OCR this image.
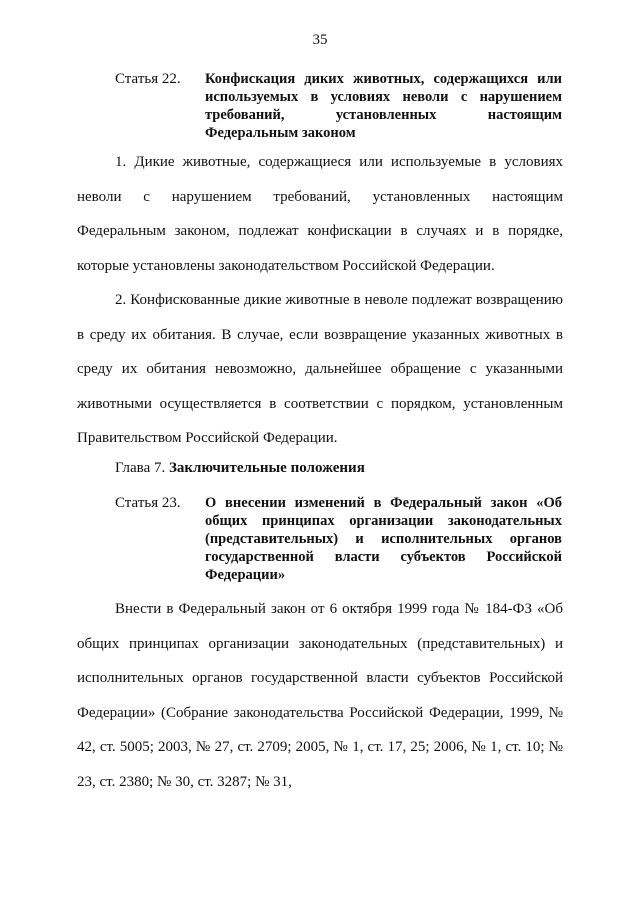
35
Статья 22. Конфискация диких животных, содержащихся или используемых в условиях неволи с нарушением требований, установленных настоящим Федеральным законом

1. Дикие животные, содержащиеся или используемые в условиях неволи с нарушением требований, установленных настоящим Федеральным законом, подлежат конфискации в случаях и в порядке, которые установлены законодательством Российской Федерации.

2. Конфискованные дикие животные в неволе подлежат возвращению в среду их обитания. В случае, если возвращение указанных животных в среду их обитания невозможно, дальнейшее обращение с указанными животными осуществляется в соответствии с порядком, установленным Правительством Российской Федерации.

Глава 7. Заключительные положения
Статья 23. О внесении изменений в Федеральный закон «Об общих принципах организации законодательных (представительных) и исполнительных органов государственной власти субъектов Российской Федерации»

Внести в Федеральный закон от 6 октября 1999 года № 184-ФЗ «Об общих принципах организации законодательных (представительных) и исполнительных органов государственной власти субъектов Российской Федерации» (Собрание законодательства Российской Федерации, 1999, № 42, ст. 5005; 2003, № 27, ст. 2709; 2005, № 1, ст. 17, 25; 2006, № 1, ст. 10; № 23, ст. 2380; № 30, ст. 3287; № 31,
